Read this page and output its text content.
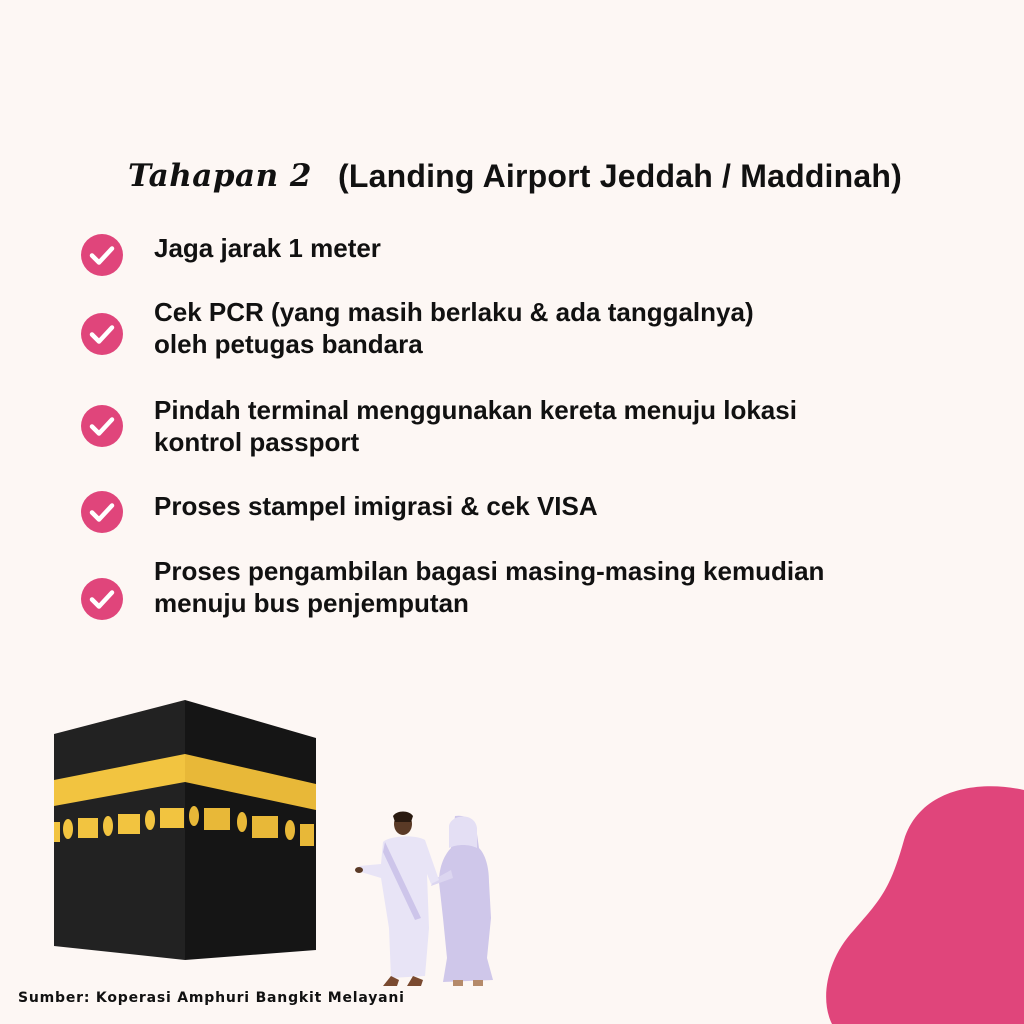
Tahapan 2 (Landing Airport Jeddah / Maddinah)
Jaga jarak 1 meter
Cek PCR (yang masih berlaku & ada tanggalnya)
oleh petugas bandara
Pindah terminal menggunakan kereta menuju lokasi
kontrol passport
Proses stampel imigrasi & cek VISA
Proses pengambilan bagasi masing-masing kemudian
menuju bus penjemputan
Sumber: Koperasi Amphuri Bangkit Melayani
